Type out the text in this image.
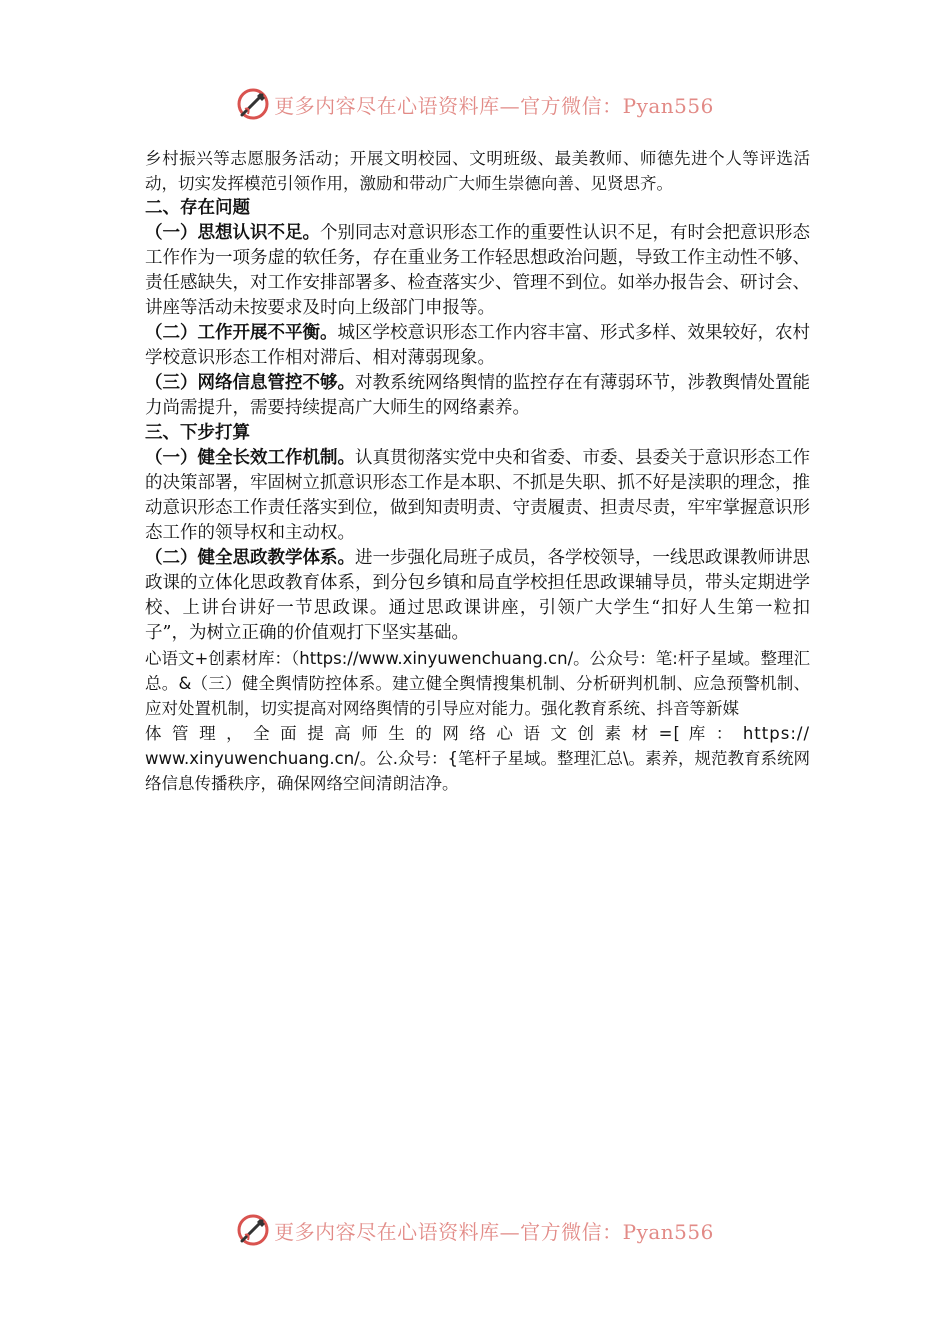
更多内容尽在心语资料库—官方微信：Pyan556

乡村振兴等志愿服务活动；开展文明校园、文明班级、最美教师、师德先进个人等评选活动，切实发挥模范引领作用，激励和带动广大师生崇德向善、见贤思齐。

二、存在问题

（一）思想认识不足。个别同志对意识形态工作的重要性认识不足，有时会把意识形态工作作为一项务虚的软任务，存在重业务工作轻思想政治问题，导致工作主动性不够、责任感缺失，对工作安排部署多、检查落实少、管理不到位。如举办报告会、研讨会、讲座等活动未按要求及时向上级部门申报等。

（二）工作开展不平衡。城区学校意识形态工作内容丰富、形式多样、效果较好，农村学校意识形态工作相对滞后、相对薄弱现象。

（三）网络信息管控不够。对教系统网络舆情的监控存在有薄弱环节，涉教舆情处置能力尚需提升，需要持续提高广大师生的网络素养。

三、下步打算

（一）健全长效工作机制。认真贯彻落实党中央和省委、市委、县委关于意识形态工作的决策部署，牢固树立抓意识形态工作是本职、不抓是失职、抓不好是渎职的理念，推动意识形态工作责任落实到位，做到知责明责、守责履责、担责尽责，牢牢掌握意识形态工作的领导权和主动权。

（二）健全思政教学体系。进一步强化局班子成员，各学校领导，一线思政课教师讲思政课的立体化思政教育体系，到分包乡镇和局直学校担任思政课辅导员，带头定期进学校、上讲台讲好一节思政课。通过思政课讲座，引领广大学生“扣好人生第一粒扣子”，为树立正确的价值观打下坚实基础。

心语文+创素材库：（https://www.xinyuwenchuang.cn/。公众号：笔:杆子星域。整理汇总。&（三）健全舆情防控体系。建立健全舆情搜集机制、分析研判机制、应急预警机制、应对处置机制，切实提高对网络舆情的引导应对能力。强化教育系统、抖音等新媒

体 管 理 ， 全 面 提 高 师 生 的 网 络 心 语 文 创 素 材 =[ 库 ： https://

www.xinyuwenchuang.cn/。公.众号：{笔杆子星域。整理汇总\。素养，规范教育系统网络信息传播秩序，确保网络空间清朗洁净。

更多内容尽在心语资料库—官方微信：Pyan556
